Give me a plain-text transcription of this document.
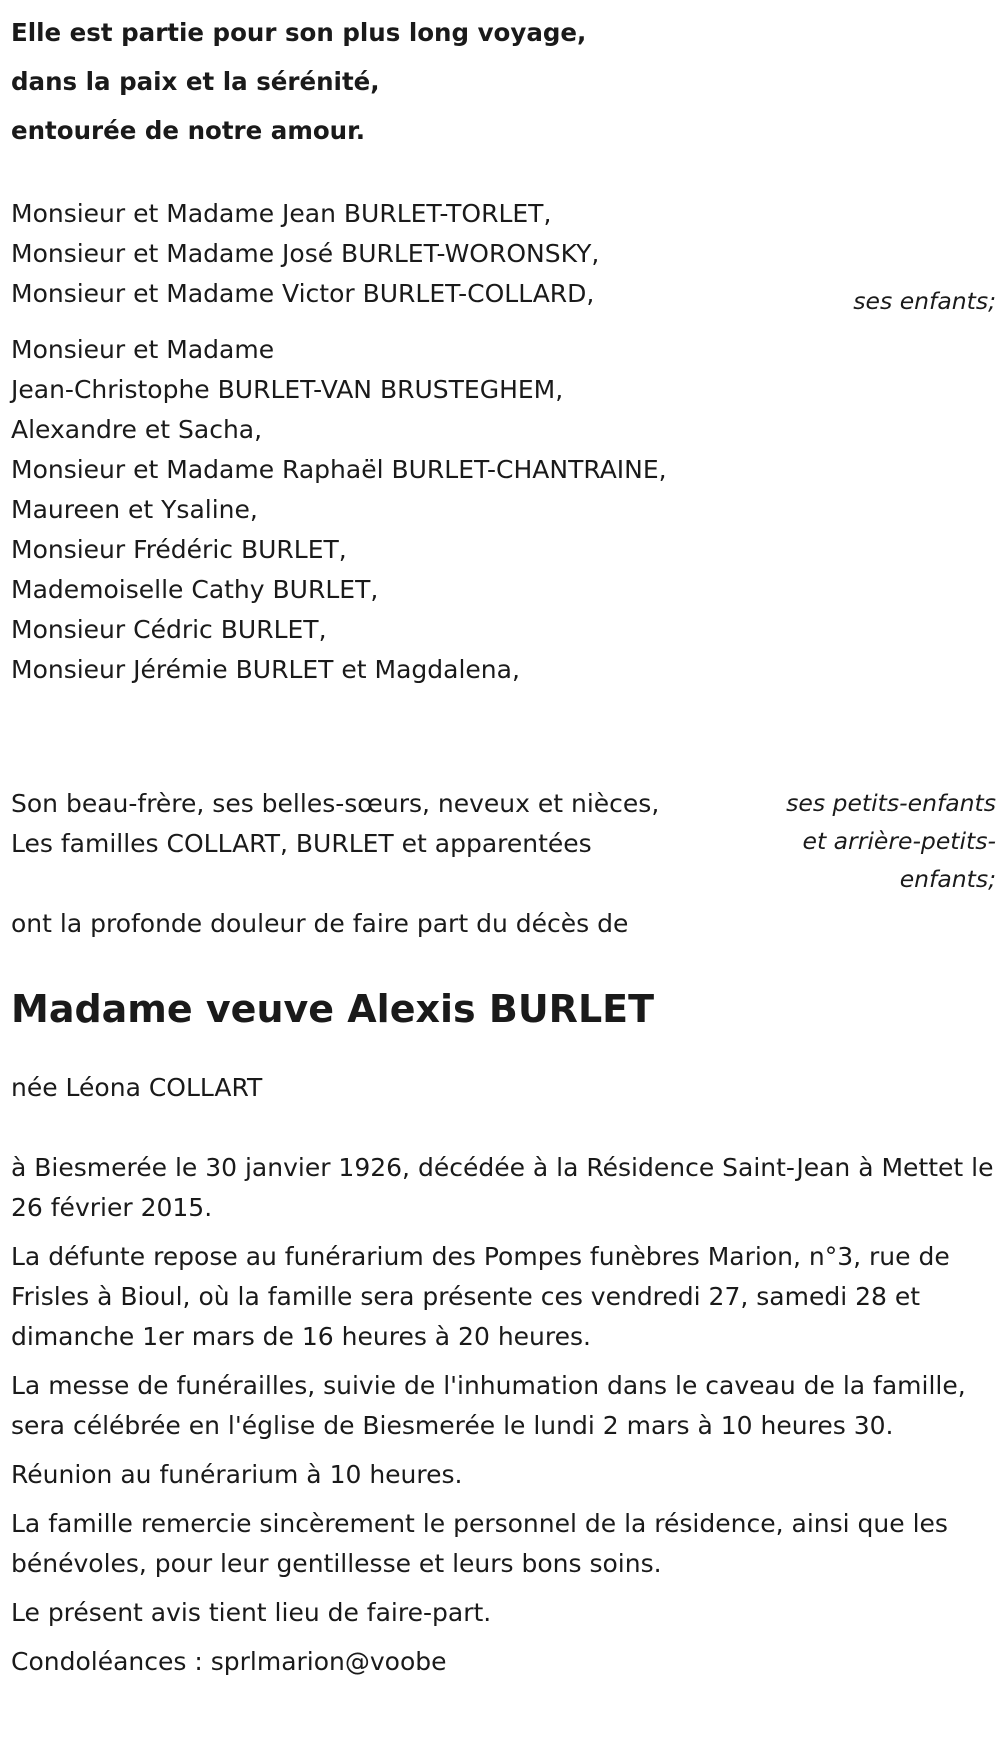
Elle est partie pour son plus long voyage,
dans la paix et la sérénité,
entourée de notre amour.
Monsieur et Madame Jean BURLET-TORLET,
Monsieur et Madame José BURLET-WORONSKY,
Monsieur et Madame Victor BURLET-COLLARD,	ses enfants;
Monsieur et Madame
Jean-Christophe BURLET-VAN BRUSTEGHEM,
Alexandre et Sacha,
Monsieur et Madame Raphaël BURLET-CHANTRAINE,
Maureen et Ysaline,
Monsieur Frédéric BURLET,
Mademoiselle Cathy BURLET,
Monsieur Cédric BURLET,
Monsieur Jérémie BURLET et Magdalena,
ses petits-enfants et arrière-petits-enfants;
Son beau-frère, ses belles-sœurs, neveux et nièces,
Les familles COLLART, BURLET et apparentées
ont la profonde douleur de faire part du décès de
Madame veuve Alexis BURLET
née Léona COLLART
à Biesmerée le 30 janvier 1926, décédée à la Résidence Saint-Jean à Mettet le 26 février 2015.
La défunte repose au funérarium des Pompes funèbres Marion, n°3, rue de Frisles à Bioul, où la famille sera présente ces vendredi 27, samedi 28 et dimanche 1er mars de 16 heures à 20 heures.
La messe de funérailles, suivie de l'inhumation dans le caveau de la famille, sera célébrée en l'église de Biesmerée le lundi 2 mars à 10 heures 30.
Réunion au funérarium à 10 heures.
La famille remercie sincèrement le personnel de la résidence, ainsi que les bénévoles, pour leur gentillesse et leurs bons soins.
Le présent avis tient lieu de faire-part.
Condoléances : sprlmarion@voobe
